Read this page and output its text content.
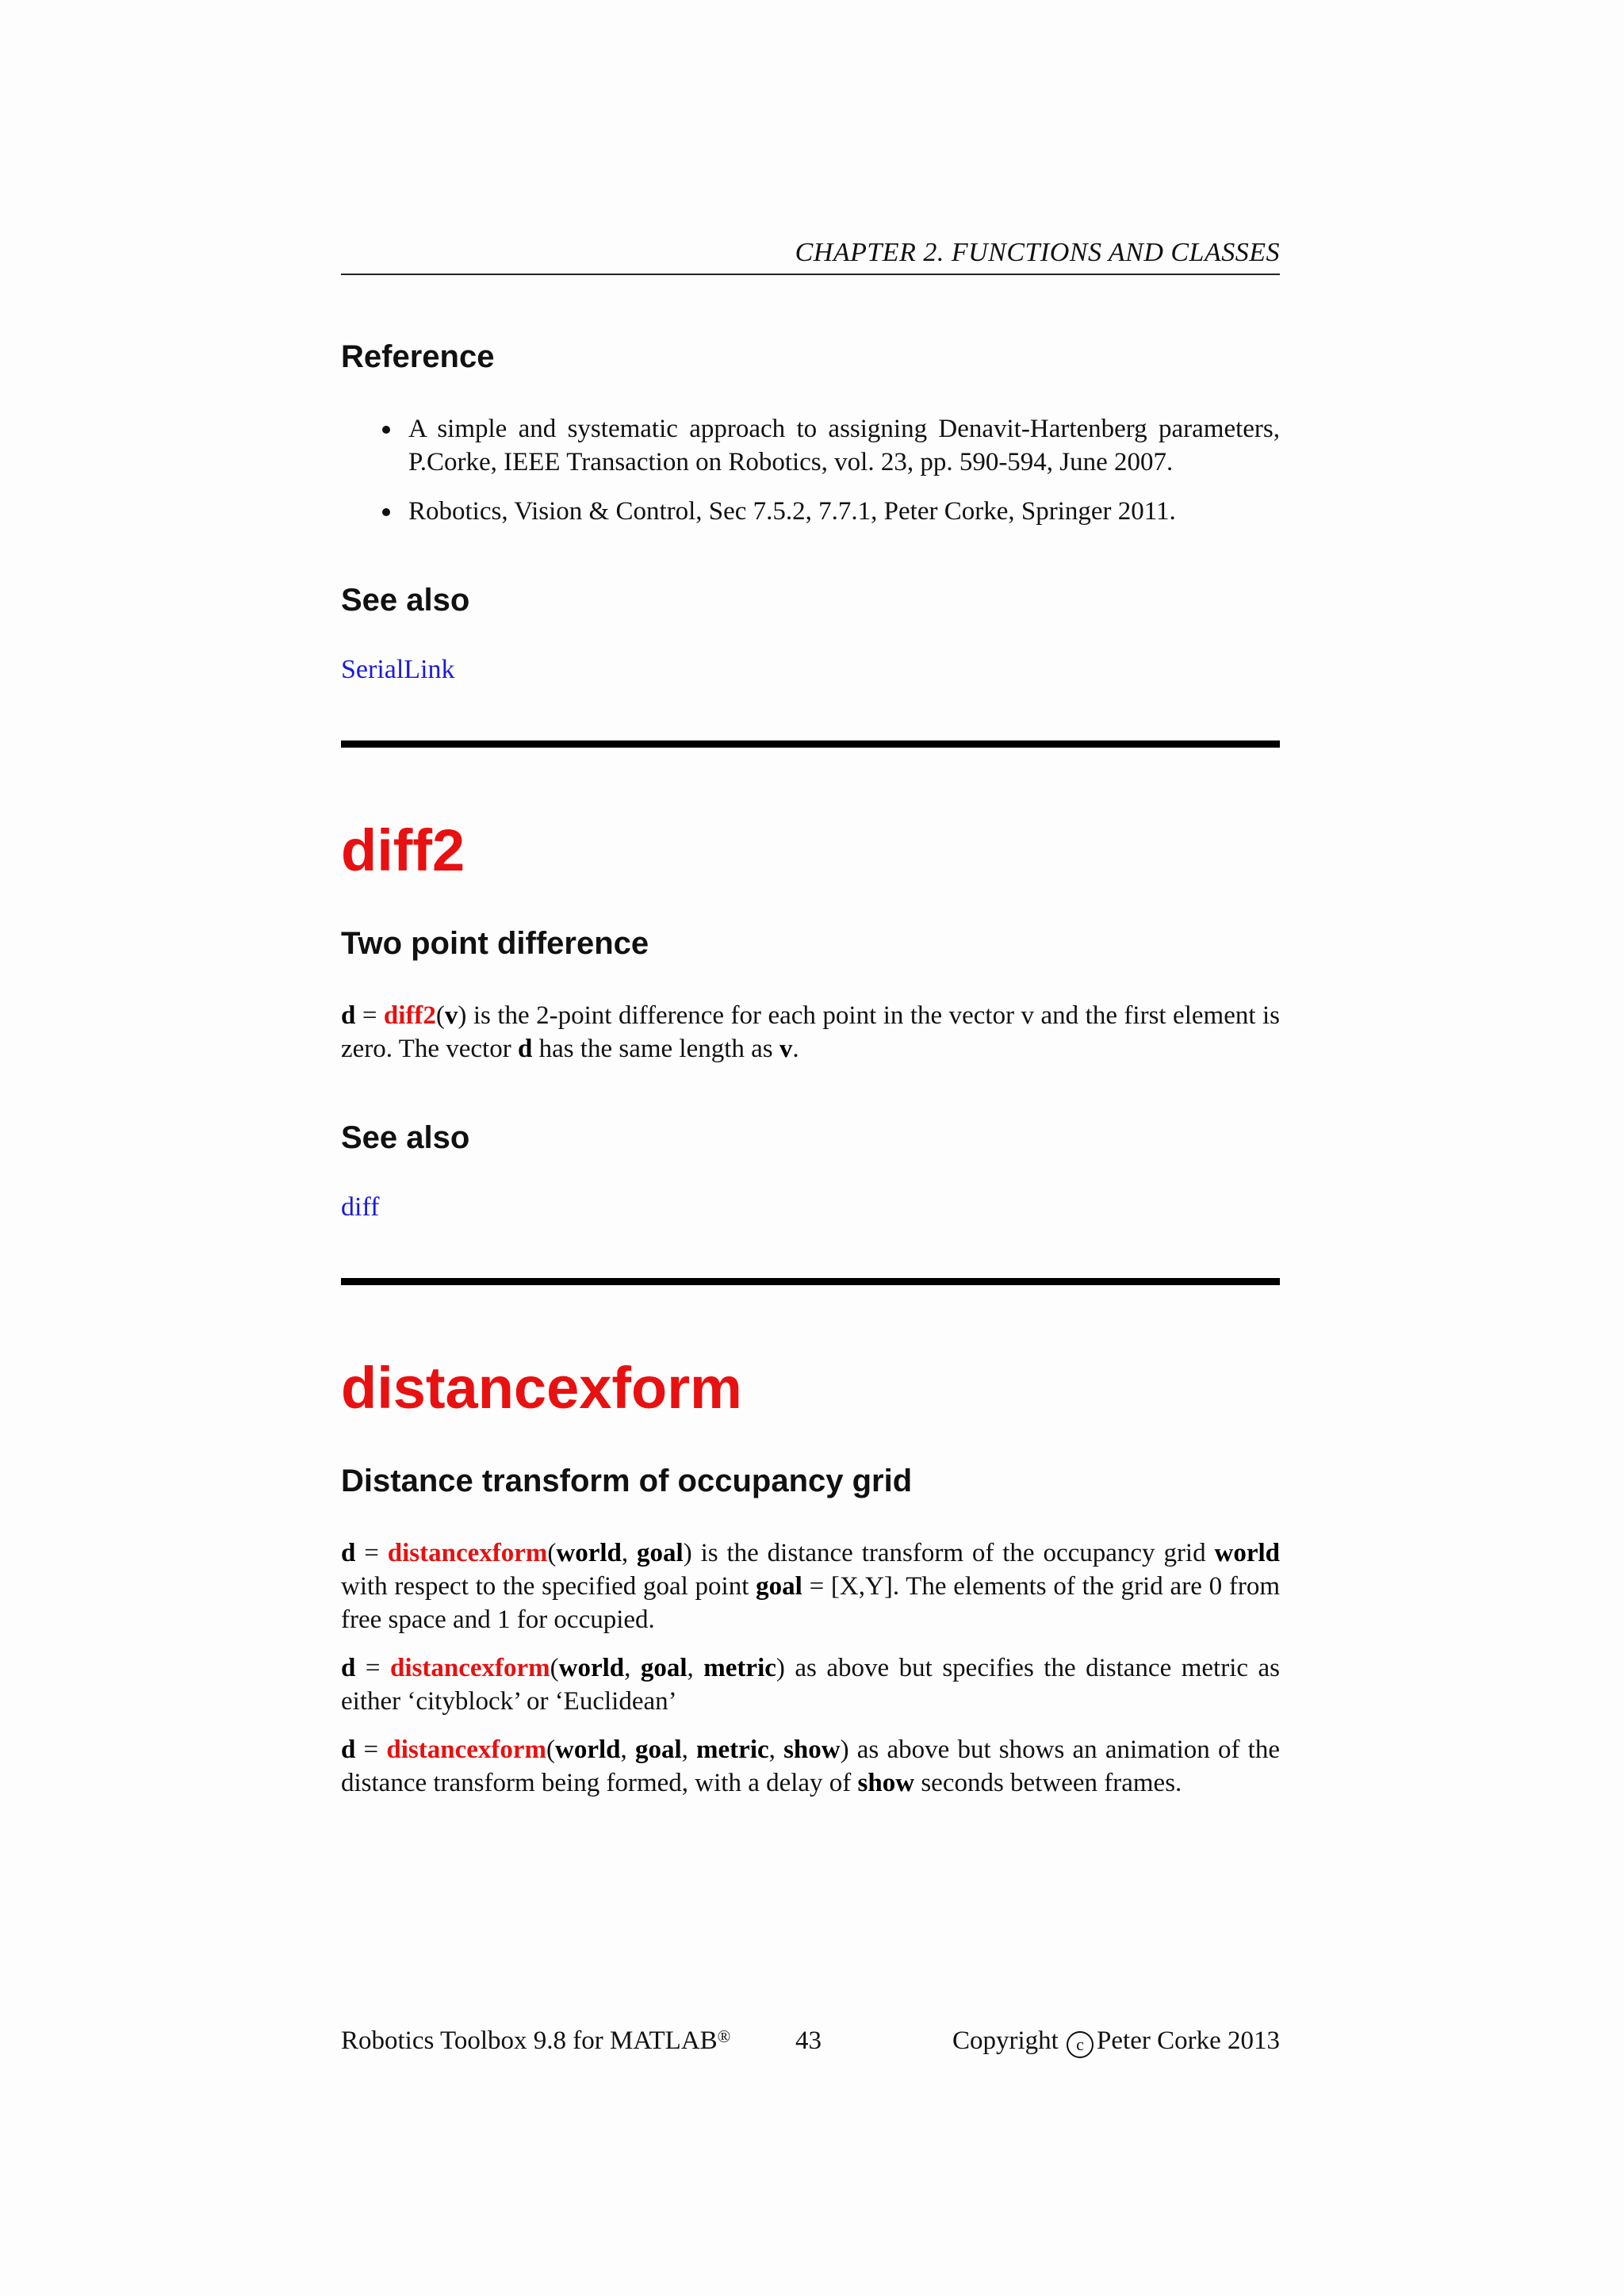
CHAPTER 2. FUNCTIONS AND CLASSES
Reference
A simple and systematic approach to assigning Denavit-Hartenberg parameters, P.Corke, IEEE Transaction on Robotics, vol. 23, pp. 590-594, June 2007.
Robotics, Vision & Control, Sec 7.5.2, 7.7.1, Peter Corke, Springer 2011.
See also
SerialLink
diff2
Two point difference
d = diff2(v) is the 2-point difference for each point in the vector v and the first element is zero. The vector d has the same length as v.
See also
diff
distancexform
Distance transform of occupancy grid
d = distancexform(world, goal) is the distance transform of the occupancy grid world with respect to the specified goal point goal = [X,Y]. The elements of the grid are 0 from free space and 1 for occupied.
d = distancexform(world, goal, metric) as above but specifies the distance metric as either ‘cityblock’ or ‘Euclidean’
d = distancexform(world, goal, metric, show) as above but shows an animation of the distance transform being formed, with a delay of show seconds between frames.
Robotics Toolbox 9.8 for MATLAB® 43	Copyright c Peter Corke 2013
